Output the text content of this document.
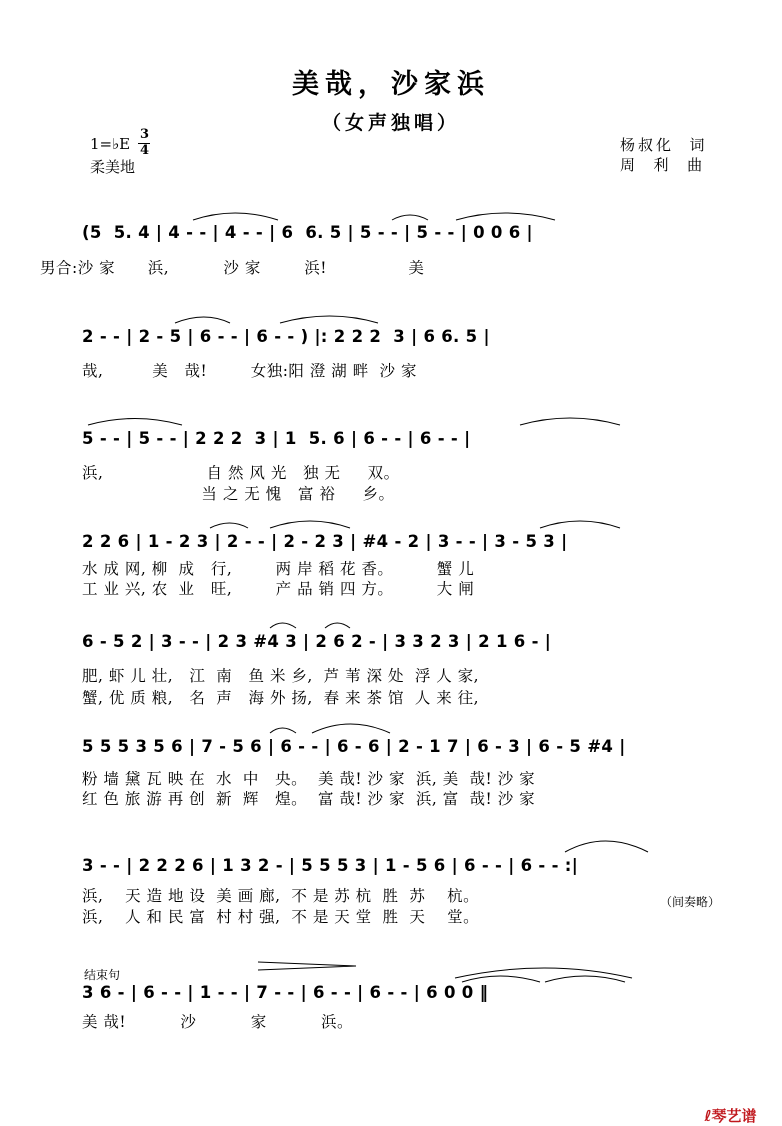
美哉，沙家浜
（女声独唱）
1=♭E
3
4
柔美地
杨叔化  词
周  利  曲
(5  5. 4 | 4 - - | 4 - - | 6  6. 5 | 5 - - | 5 - - | 0 0 6 |
男合:沙 家      浜,          沙 家        浜!               美
2 - - | 2 - 5 | 6 - - | 6 - - ) |: 2 2 2  3 | 6 6. 5 |
哉,         美   哉!        女独:阳 澄 湖 畔  沙 家
5 - - | 5 - - | 2 2 2  3 | 1  5. 6 | 6 - - | 6 - - |
浜,                   自 然 风 光   独 无     双。
当 之 无 愧   富 裕     乡。
2 2 6 | 1 - 2 3 | 2 - - | 2 - 2 3 | #4 - 2 | 3 - - | 3 - 5 3 |
水 成 网, 柳  成   行,        两 岸 稻 花 香。        蟹 儿
工 业 兴, 农  业   旺,        产 品 销 四 方。        大 闸
6 - 5 2 | 3 - - | 2 3 #4 3 | 2 6 2 - | 3 3 2 3 | 2 1 6 - |
肥, 虾 儿 壮,   江  南   鱼 米 乡,  芦 苇 深 处  浮 人 家,
蟹, 优 质 粮,   名  声   海 外 扬,  春 来 茶 馆  人 来 往,
5 5 5 3 5 6 | 7 - 5 6 | 6 - - | 6 - 6 | 2 - 1 7 | 6 - 3 | 6 - 5 #4 |
粉 墙 黛 瓦 映 在  水  中   央。  美 哉! 沙 家  浜, 美  哉! 沙 家
红 色 旅 游 再 创  新  辉   煌。  富 哉! 沙 家  浜, 富  哉! 沙 家
3 - - | 2 2 2 6 | 1 3 2 - | 5 5 5 3 | 1 - 5 6 | 6 - - | 6 - - :|
浜,    天 造 地 设  美 画 廊,  不 是 苏 杭  胜  苏    杭。
浜,    人 和 民 富  村 村 强,  不 是 天 堂  胜  天    堂。
（间奏略）
结束句
3 6 - | 6 - - | 1 - - | 7 - - | 6 - - | 6 - - | 6 0 0 ‖
美 哉!          沙          家          浜。

ℓ琴艺谱
